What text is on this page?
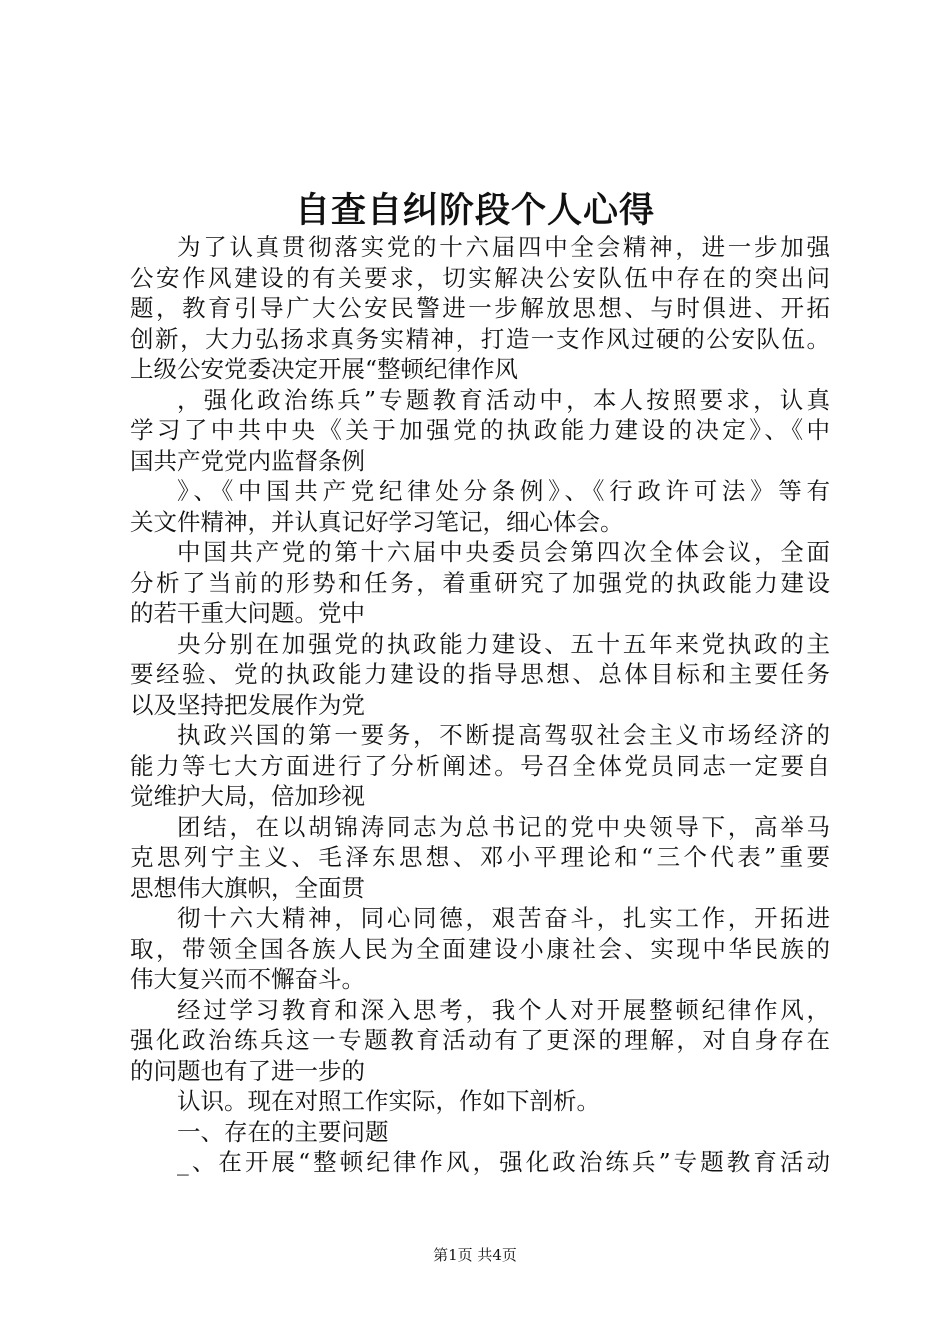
自查自纠阶段个人心得
为了认真贯彻落实党的十六届四中全会精神，进一步加强
公安作风建设的有关要求，切实解决公安队伍中存在的突出问
题，教育引导广大公安民警进一步解放思想、与时俱进、开拓
创新，大力弘扬求真务实精神，打造一支作风过硬的公安队伍。
上级公安党委决定开展“整顿纪律作风
，强化政治练兵”专题教育活动中，本人按照要求，认真
学习了中共中央《关于加强党的执政能力建设的决定》、《中
国共产党党内监督条例
》、《中国共产党纪律处分条例》、《行政许可法》等有
关文件精神，并认真记好学习笔记，细心体会。
中国共产党的第十六届中央委员会第四次全体会议，全面
分析了当前的形势和任务，着重研究了加强党的执政能力建设
的若干重大问题。党中
央分别在加强党的执政能力建设、五十五年来党执政的主
要经验、党的执政能力建设的指导思想、总体目标和主要任务
以及坚持把发展作为党
执政兴国的第一要务，不断提高驾驭社会主义市场经济的
能力等七大方面进行了分析阐述。号召全体党员同志一定要自
觉维护大局，倍加珍视
团结，在以胡锦涛同志为总书记的党中央领导下，高举马
克思列宁主义、毛泽东思想、邓小平理论和“三个代表”重要
思想伟大旗帜，全面贯
彻十六大精神，同心同德，艰苦奋斗，扎实工作，开拓进
取，带领全国各族人民为全面建设小康社会、实现中华民族的
伟大复兴而不懈奋斗。
经过学习教育和深入思考，我个人对开展整顿纪律作风，
强化政治练兵这一专题教育活动有了更深的理解，对自身存在
的问题也有了进一步的
认识。现在对照工作实际，作如下剖析。
一、存在的主要问题
_、在开展“整顿纪律作风，强化政治练兵”专题教育活动
第1页 共4页
